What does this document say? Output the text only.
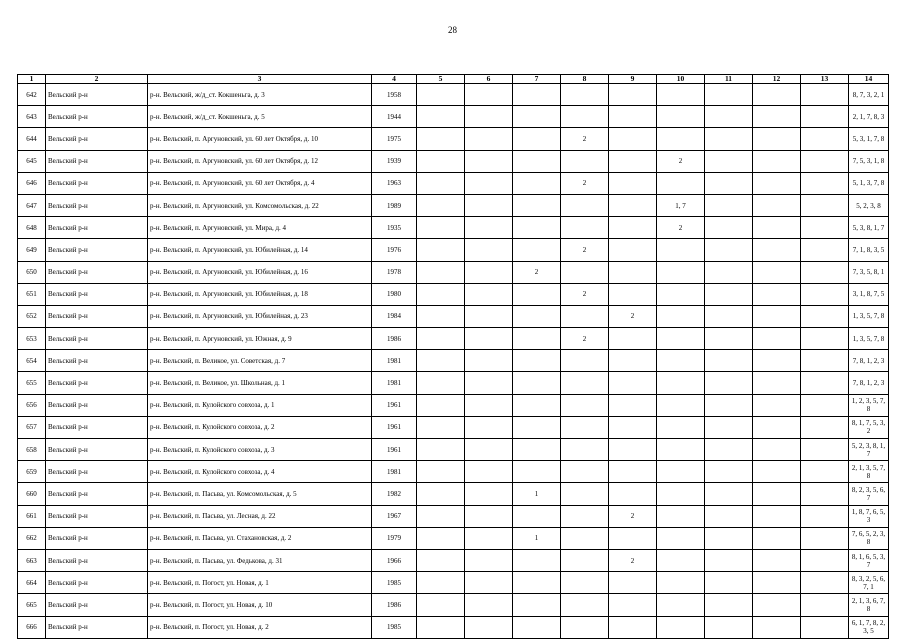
28
1	2	3	4	5	6	7	8	9	10	11	12	13	14
642	Вельский р-н	р-н. Вельский, ж/д_ст. Кокшеньга, д. 3	1958										8, 7, 3, 2, 1
643	Вельский р-н	р-н. Вельский, ж/д_ст. Кокшеньга, д. 5	1944										2, 1, 7, 8, 3
644	Вельский р-н	р-н. Вельский, п. Аргуновский, ул. 60 лет Октября, д. 10	1975				2						5, 3, 1, 7, 8
645	Вельский р-н	р-н. Вельский, п. Аргуновский, ул. 60 лет Октября, д. 12	1939						2				7, 5, 3, 1, 8
646	Вельский р-н	р-н. Вельский, п. Аргуновский, ул. 60 лет Октября, д. 4	1963				2						5, 1, 3, 7, 8
647	Вельский р-н	р-н. Вельский, п. Аргуновский, ул. Комсомольская, д. 22	1989						1, 7				5, 2, 3, 8
648	Вельский р-н	р-н. Вельский, п. Аргуновский, ул. Мира, д. 4	1935						2				5, 3, 8, 1, 7
649	Вельский р-н	р-н. Вельский, п. Аргуновский, ул. Юбилейная, д. 14	1976				2						7, 1, 8, 3, 5
650	Вельский р-н	р-н. Вельский, п. Аргуновский, ул. Юбилейная, д. 16	1978			2							7, 3, 5, 8, 1
651	Вельский р-н	р-н. Вельский, п. Аргуновский, ул. Юбилейная, д. 18	1980				2						3, 1, 8, 7, 5
652	Вельский р-н	р-н. Вельский, п. Аргуновский, ул. Юбилейная, д. 23	1984					2					1, 3, 5, 7, 8
653	Вельский р-н	р-н. Вельский, п. Аргуновский, ул. Южная, д. 9	1986				2						1, 3, 5, 7, 8
654	Вельский р-н	р-н. Вельский, п. Великое, ул. Советская, д. 7	1981										7, 8, 1, 2, 3
655	Вельский р-н	р-н. Вельский, п. Великое, ул. Школьная, д. 1	1981										7, 8, 1, 2, 3
656	Вельский р-н	р-н. Вельский, п. Кулойского совхоза, д. 1	1961										1, 2, 3, 5, 7, 8
657	Вельский р-н	р-н. Вельский, п. Кулойского совхоза, д. 2	1961										8, 1, 7, 5, 3, 2
658	Вельский р-н	р-н. Вельский, п. Кулойского совхоза, д. 3	1961										5, 2, 3, 8, 1, 7
659	Вельский р-н	р-н. Вельский, п. Кулойского совхоза, д. 4	1981										2, 1, 3, 5, 7, 8
660	Вельский р-н	р-н. Вельский, п. Пасьва, ул. Комсомольская, д. 5	1982			1							8, 2, 3, 5, 6, 7
661	Вельский р-н	р-н. Вельский, п. Пасьва, ул. Лесная, д. 22	1967					2					1, 8, 7, 6, 5, 3
662	Вельский р-н	р-н. Вельский, п. Пасьва, ул. Стахановская, д. 2	1979			1							7, 6, 5, 2, 3, 8
663	Вельский р-н	р-н. Вельский, п. Пасьва, ул. Федькова, д. 31	1966					2					8, 1, 6, 5, 3, 7
664	Вельский р-н	р-н. Вельский, п. Погост, ул. Новая, д. 1	1985										8, 3, 2, 5, 6, 7, 1
665	Вельский р-н	р-н. Вельский, п. Погост, ул. Новая, д. 10	1986										2, 1, 3, 6, 7, 8
666	Вельский р-н	р-н. Вельский, п. Погост, ул. Новая, д. 2	1985										6, 1, 7, 8, 2, 3, 5
